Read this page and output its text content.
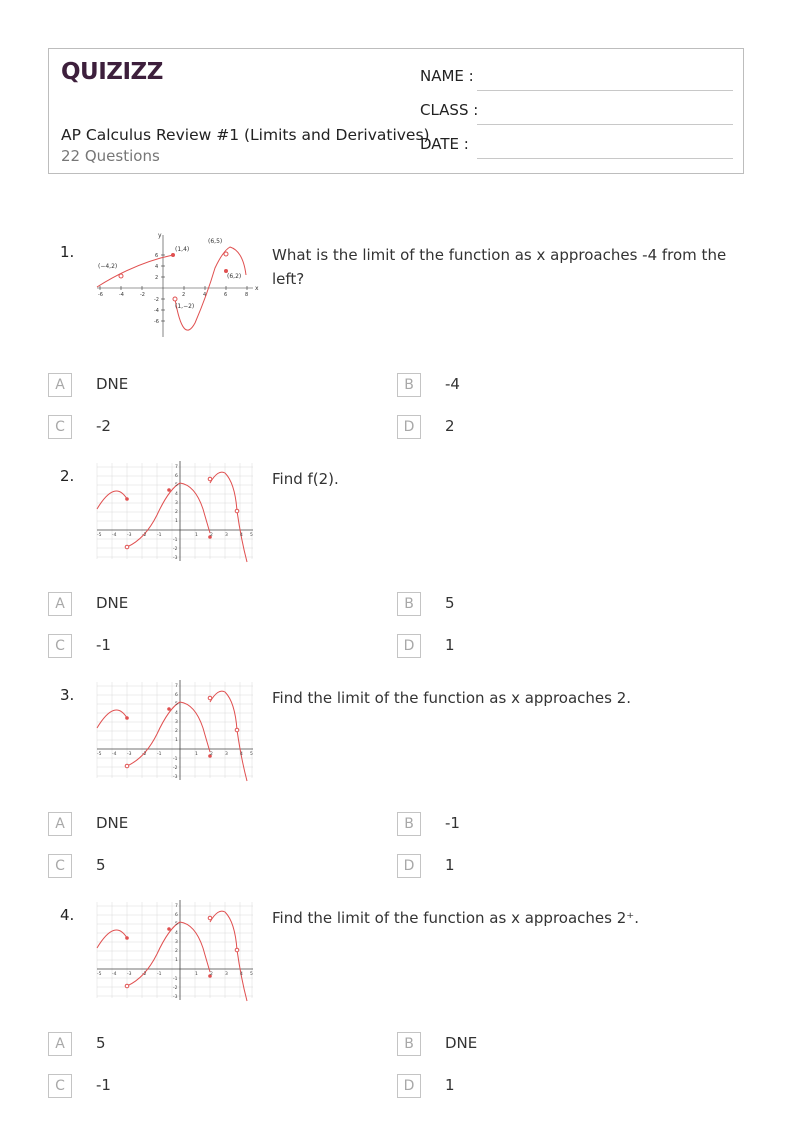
QUIZIZZ
AP Calculus Review #1 (Limits and Derivatives)
22 Questions
NAME :
CLASS :
DATE :
1.
x
y
-6	-4	-2	2	4	6	8
6
4
2
-2
-4
-6
(−4,2)
(1,4)
(6,5)
(6,2)
(1,−2)
What is the limit of the function as x approaches -4 from the left?
A	DNE	B	-4
C	-2	D	2
2.
-5 -4 -3 -2 -1	1	2	3	4 5
7
6
5
4
3
2
1
-1
-2
-3
Find f(2).
A	DNE	B	5
C	-1	D	1
3.
-5 -4 -3 -2 -1	1	2	3	4 5
7
6
5
4
3
2
1
-1
-2
-3
Find the limit of the function as x approaches 2.
A	DNE	B	-1
C	5	D	1
4.
-5 -4 -3 -2 -1	1	2	3	4 5
7
6
5
4
3
2
1
-1
-2
-3
Find the limit of the function as x approaches 2⁺.
A	5	B	DNE
C	-1	D	1
